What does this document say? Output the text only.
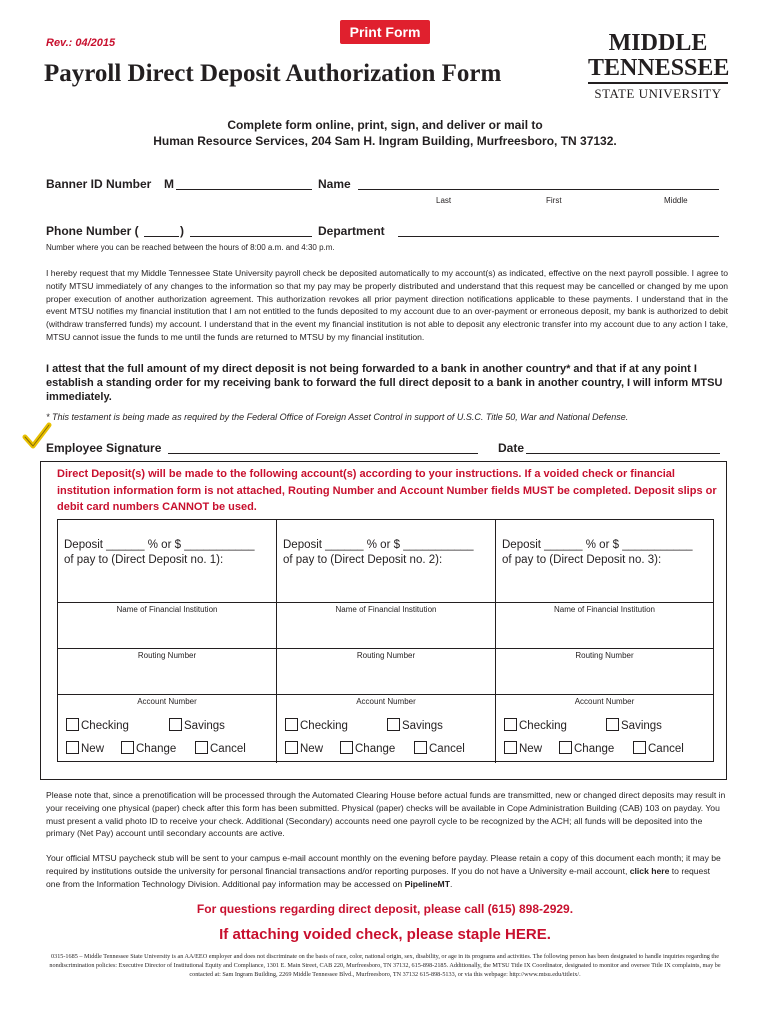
Rev.: 04/2015
Print Form
Payroll Direct Deposit Authorization Form
MIDDLE
TENNESSEE
STATE UNIVERSITY
Complete form online, print, sign, and deliver or mail to
Human Resource Services, 204 Sam H. Ingram Building, Murfreesboro, TN 37132.
Banner ID Number M	Name
Last	First	Middle
Phone Number (	)	Department
Number where you can be reached between the hours of 8:00 a.m. and 4:30 p.m.
I hereby request that my Middle Tennessee State University payroll check be deposited automatically to my account(s) as indicated, effective on the next payroll possible. I agree to notify MTSU immediately of any changes to the information so that my pay may be properly distributed and understand that this request may be cancelled or changed by me upon proper execution of another authorization agreement. This authorization revokes all prior payment direction notifications applicable to these payments. I understand that in the event MTSU notifies my financial institution that I am not entitled to the funds deposited to my account due to an over-payment or erroneous deposit, my bank is authorized to debit (withdraw transferred funds) my account. I understand that in the event my financial institution is not able to deposit any electronic transfer into my account due to any action I take, MTSU cannot issue the funds to me until the funds are returned to MTSU by my financial institution.
I attest that the full amount of my direct deposit is not being forwarded to a bank in another country* and that if at any point I establish a standing order for my receiving bank to forward the full direct deposit to a bank in another country, I will inform MTSU immediately.
* This testament is being made as required by the Federal Office of Foreign Asset Control in support of U.S.C. Title 50, War and National Defense.
Employee Signature	Date
Direct Deposit(s) will be made to the following account(s) according to your instructions. If a voided check or financial institution information form is not attached, Routing Number and Account Number fields MUST be completed. Deposit slips or debit card numbers CANNOT be used.
Deposit ______ % or $ ___________
of pay to (Direct Deposit no. 1):
Name of Financial Institution
Routing Number
Account Number
Checking	Savings
New	Change	Cancel
Deposit ______ % or $ ___________
of pay to (Direct Deposit no. 2):
Name of Financial Institution
Routing Number
Account Number
Checking	Savings
New	Change	Cancel
Deposit ______ % or $ ___________
of pay to (Direct Deposit no. 3):
Name of Financial Institution
Routing Number
Account Number
Checking	Savings
New	Change	Cancel
Please note that, since a prenotification will be processed through the Automated Clearing House before actual funds are transmitted, new or changed direct deposits may result in your receiving one physical (paper) check after this form has been submitted. Physical (paper) checks will be available in Cope Administration Building (CAB) 103 on payday. You must present a valid photo ID to receive your check. Additional (Secondary) accounts need one payroll cycle to be recognized by the ACH; all funds will be deposited into the primary (Net Pay) account until secondary accounts are active.
Your official MTSU paycheck stub will be sent to your campus e-mail account monthly on the evening before payday. Please retain a copy of this document each month; it may be required by institutions outside the university for personal financial transactions and/or reporting purposes. If you do not have a University e-mail account, click here to request one from the Information Technology Division. Additional pay information may be accessed on PipelineMT.
For questions regarding direct deposit, please call (615) 898-2929.
If attaching voided check, please staple HERE.
0315-1685 – Middle Tennessee State University is an AA/EEO employer and does not discriminate on the basis of race, color, national origin, sex, disability, or age in its programs and activities. The following person has been designated to handle inquiries regarding the nondiscrimination policies: Executive Director of Institutional Equity and Compliance, 1301 E. Main Street, CAB 220, Murfreesboro, TN 37132, 615-898-2185. Additionally, the MTSU Title IX Coordinator, designated to monitor and oversee Title IX complaints, may be contacted at: Sam Ingram Building, 2269 Middle Tennessee Blvd., Murfreesboro, TN 37132 615-898-5133, or via this webpage: http://www.mtsu.edu/titleix/.
